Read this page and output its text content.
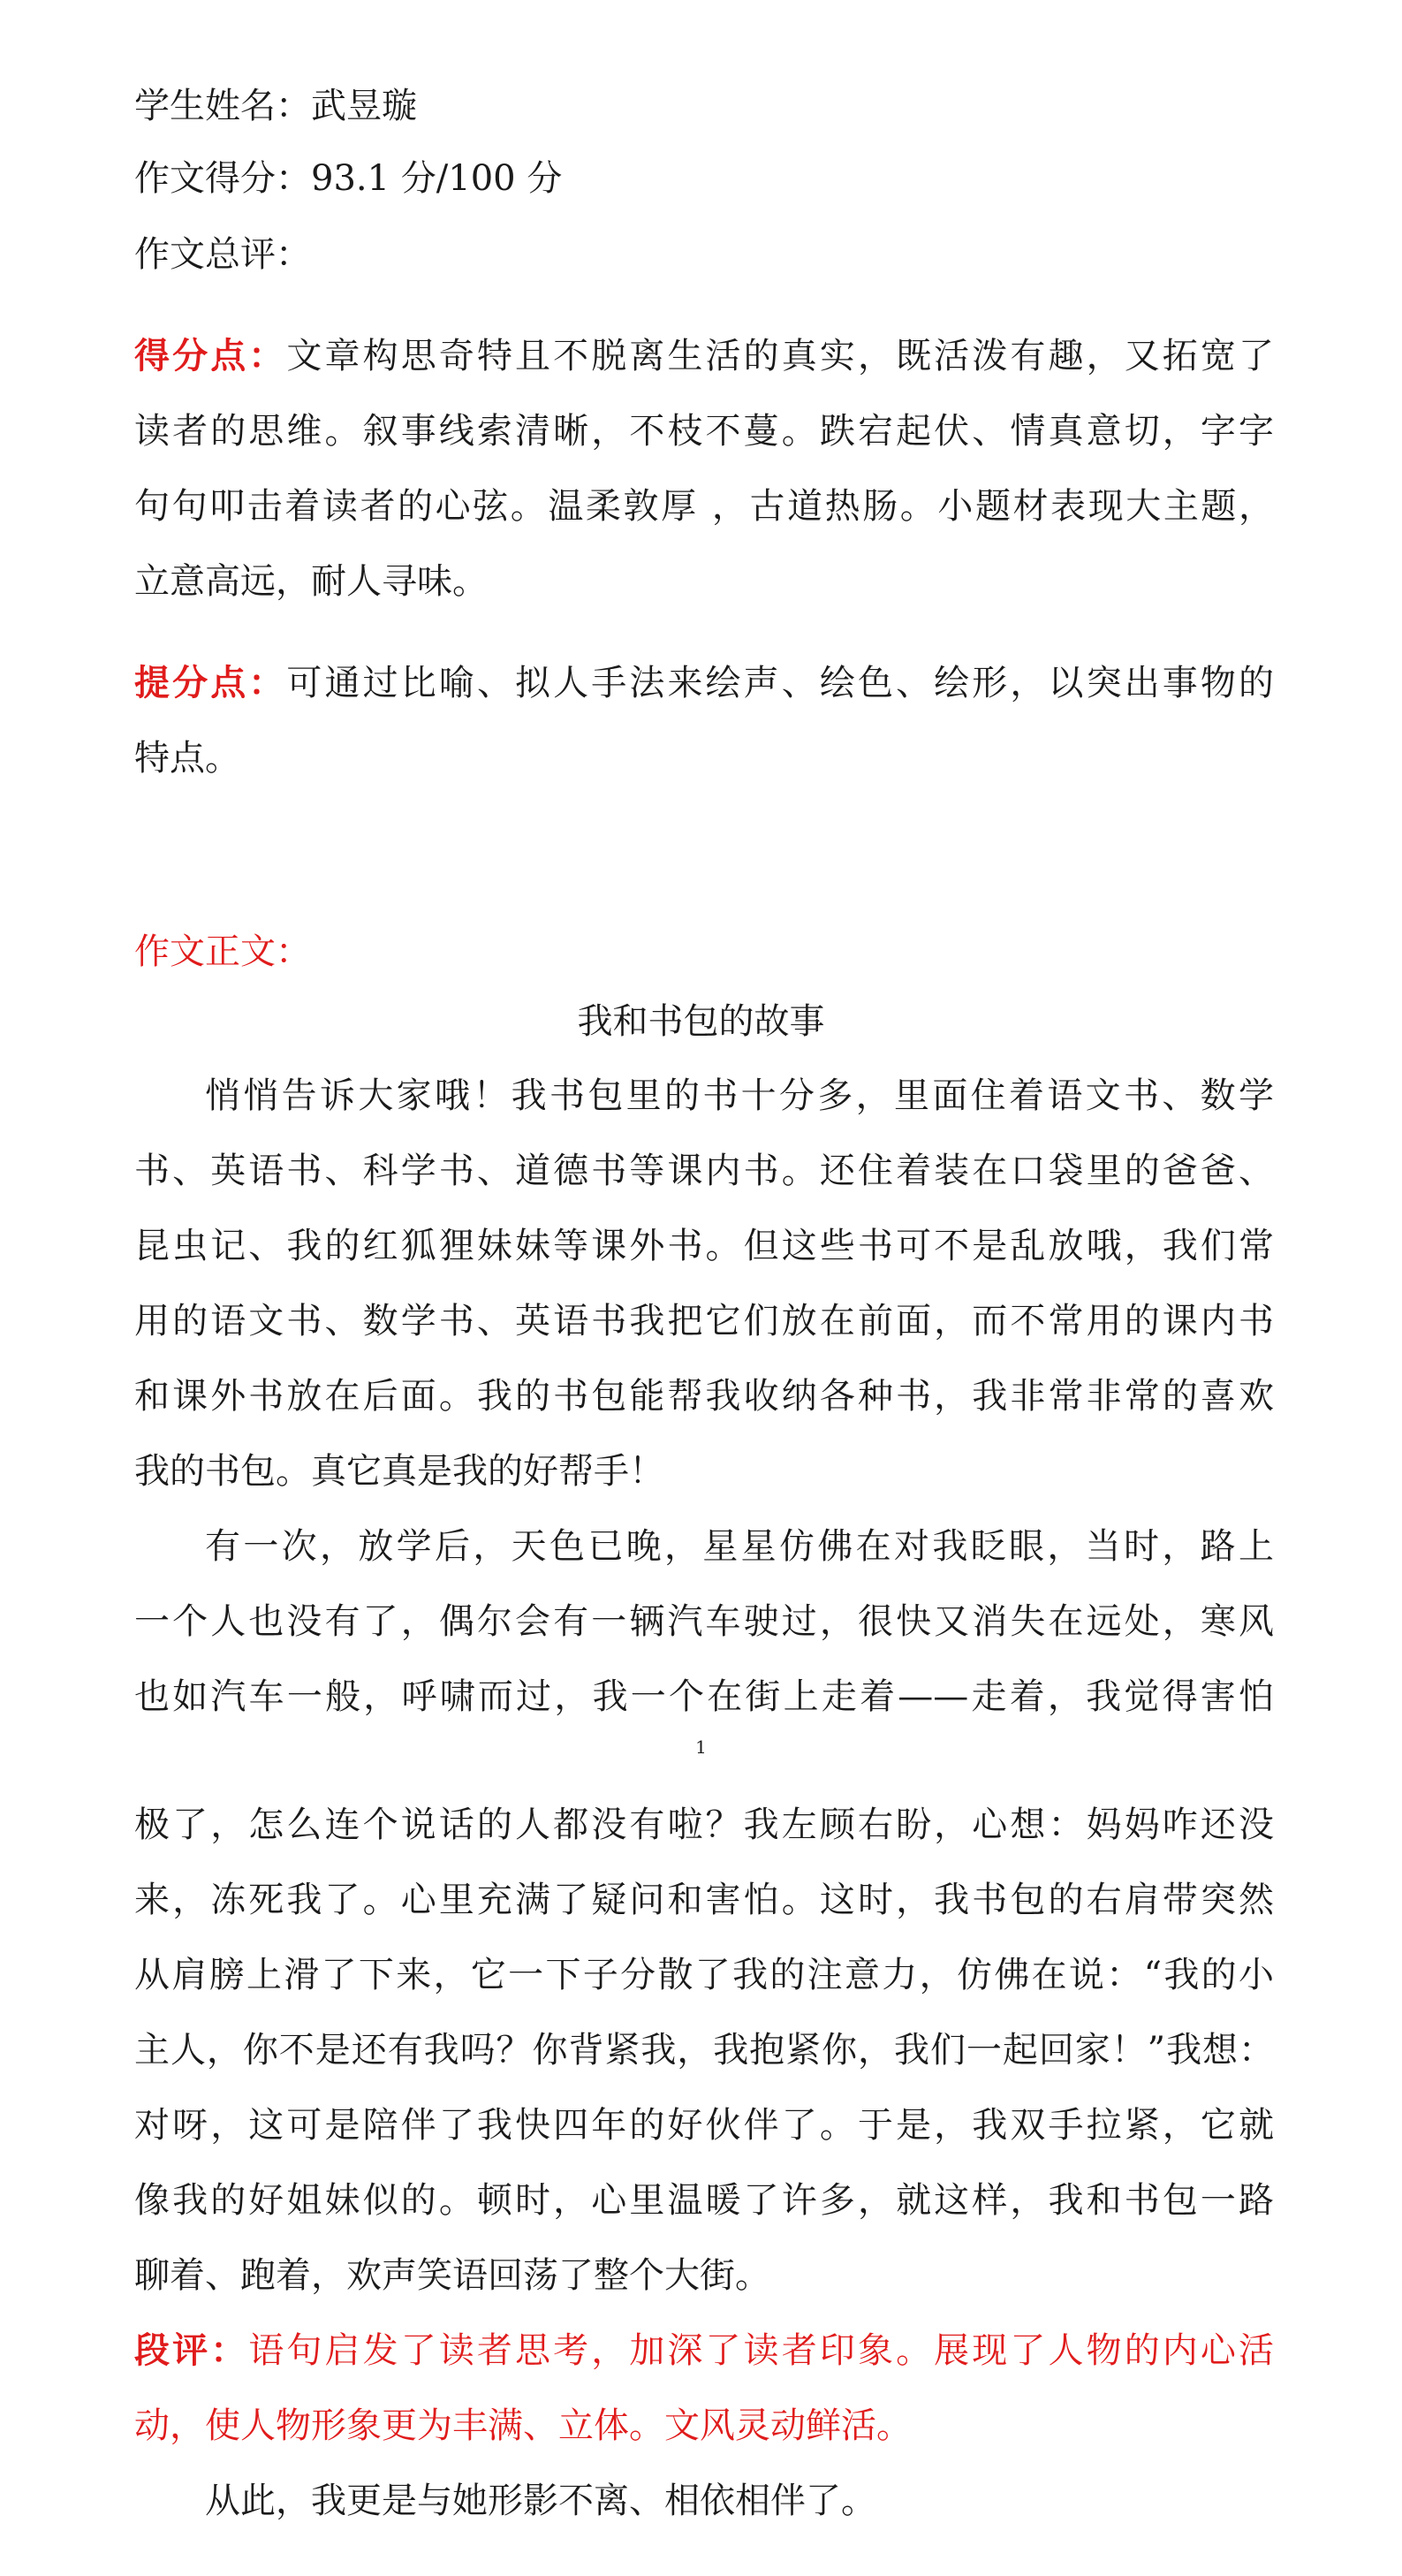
学生姓名：武昱璇
作文得分：93.1 分/100 分
作文总评：
得分点：文章构思奇特且不脱离生活的真实，既活泼有趣，又拓宽了
读者的思维。叙事线索清晰，不枝不蔓。跌宕起伏、情真意切，字字
句句叩击着读者的心弦。温柔敦厚 ，古道热肠。小题材表现大主题，
立意高远，耐人寻味。
提分点：可通过比喻、拟人手法来绘声、绘色、绘形，以突出事物的
特点。
作文正文：
我和书包的故事
悄悄告诉大家哦！我书包里的书十分多，里面住着语文书、数学
书、英语书、科学书、道德书等课内书。还住着装在口袋里的爸爸、
昆虫记、我的红狐狸妹妹等课外书。但这些书可不是乱放哦，我们常
用的语文书、数学书、英语书我把它们放在前面，而不常用的课内书
和课外书放在后面。我的书包能帮我收纳各种书，我非常非常的喜欢
我的书包。真它真是我的好帮手！
有一次，放学后，天色已晚，星星仿佛在对我眨眼，当时，路上
一个人也没有了，偶尔会有一辆汽车驶过，很快又消失在远处，寒风
也如汽车一般，呼啸而过，我一个在街上走着——走着，我觉得害怕
1
极了，怎么连个说话的人都没有啦？我左顾右盼，心想：妈妈咋还没
来，冻死我了。心里充满了疑问和害怕。这时，我书包的右肩带突然
从肩膀上滑了下来，它一下子分散了我的注意力，仿佛在说：“我的小
主人，你不是还有我吗？你背紧我，我抱紧你，我们一起回家！”我想：
对呀，这可是陪伴了我快四年的好伙伴了。于是，我双手拉紧，它就
像我的好姐妹似的。顿时，心里温暖了许多，就这样，我和书包一路
聊着、跑着，欢声笑语回荡了整个大街。
段评：语句启发了读者思考，加深了读者印象。展现了人物的内心活
动，使人物形象更为丰满、立体。文风灵动鲜活。
从此，我更是与她形影不离、相依相伴了。
